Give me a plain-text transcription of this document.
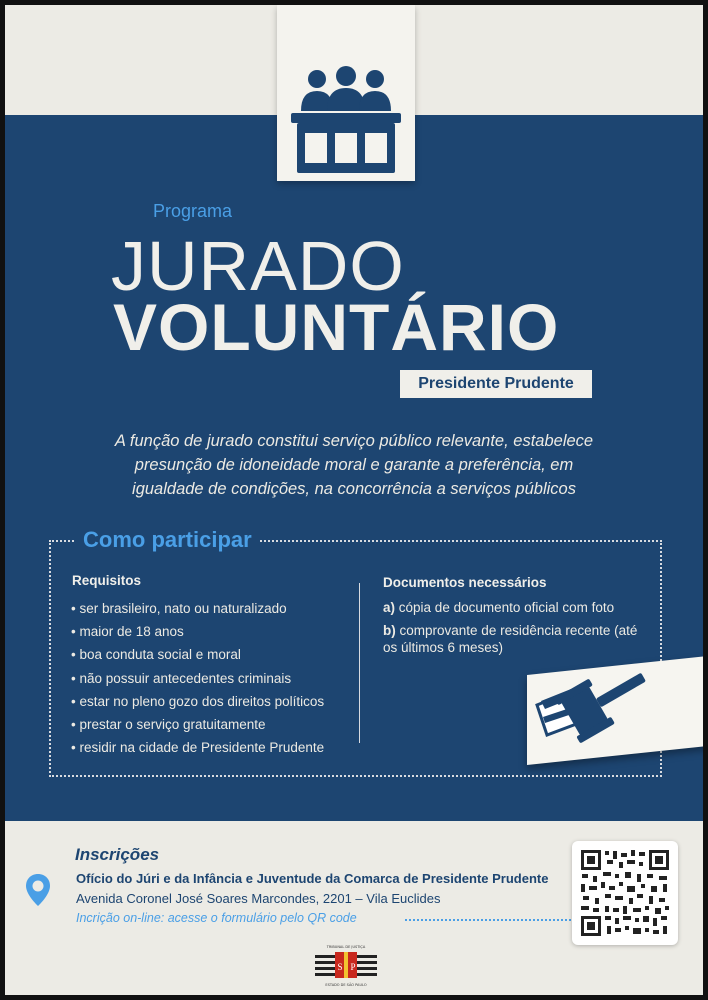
Programa
JURADO
VOLUNTÁRIO
Presidente Prudente
A função de jurado constitui serviço público relevante, estabelece
presunção de idoneidade moral e garante a preferência, em
igualdade de condições, na concorrência a serviços públicos
Como participar
Requisitos
• ser brasileiro, nato ou naturalizado
• maior de 18 anos
• boa conduta social e moral
• não possuir antecedentes criminais
• estar no pleno gozo dos direitos políticos
• prestar o serviço gratuitamente
• residir na cidade de Presidente Prudente
Documentos necessários
a) cópia de documento oficial com foto
b) comprovante de residência recente (até os últimos 6 meses)
Inscrições
Ofício do Júri e da Infância e Juventude da Comarca de Presidente Prudente
Avenida Coronel José Soares Marcondes, 2201 – Vila Euclides
Incrição on-line: acesse o formulário pelo QR code
TRIBUNAL DE JUSTIÇA
S P
ESTADO DE SÃO PAULO
